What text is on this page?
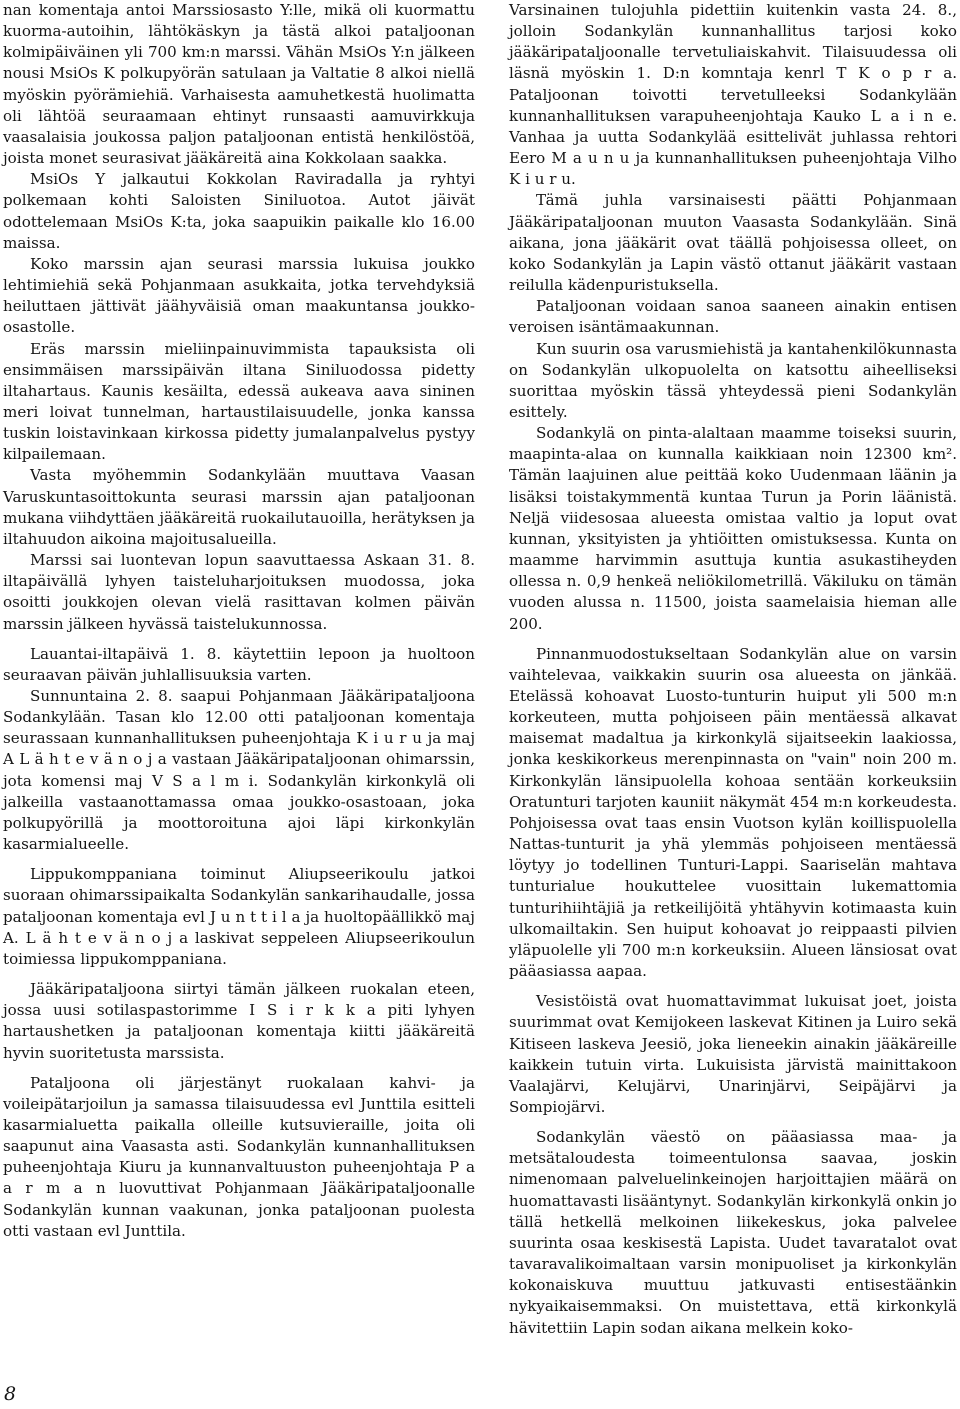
nan komentaja antoi Marssiosasto Y:lle, mikä oli kuormattu kuorma-autoihin, lähtökäskyn ja tästä alkoi pataljoonan kolmipäiväinen yli 700 km:n marssi. Vähän MsiOs Y:n jälkeen nousi MsiOs K polkupyörän satulaan ja Valtatie 8 alkoi niellä myöskin pyörämiehiä. Varhaisesta aamuhetkestä huolimatta oli lähtöä seuraamaan ehtinyt runsaasti aamuvirkkuja vaasalaisia joukossa paljon pataljoonan entistä henkilöstöä, joista monet seurasivat jääkäreitä aina Kokkolaan saakka.

MsiOs Y jalkautui Kokkolan Raviradalla ja ryhtyi polkemaan kohti Saloisten Siniluotoa. Autot jäivät odottelemaan MsiOs K:ta, joka saapuikin paikalle klo 16.00 maissa.

Koko marssin ajan seurasi marssia lukuisa joukko lehtimiehiä sekä Pohjanmaan asukkaita, jotka tervehdyksiä heiluttaen jättivät jäähyväisiä oman maakuntansa joukko-osastolle.

Eräs marssin mieliinpainuvimmista tapauksista oli ensimmäisen marssipäivän iltana Siniluodossa pidetty iltahartaus. Kaunis kesäilta, edessä aukeava aava sininen meri loivat tunnelman, hartaustilaisuudelle, jonka kanssa tuskin loistavinkaan kirkossa pidetty jumalanpalvelus pystyy kilpailemaan.

Vasta myöhemmin Sodankylään muuttava Vaasan Varuskuntasoittokunta seurasi marssin ajan pataljoonan mukana viihdyttäen jääkäreitä ruokailutauoilla, herätyksen ja iltahuudon aikoina majoitusalueilla.

Marssi sai luontevan lopun saavuttaessa Askaan 31. 8. iltapäivällä lyhyen taisteluharjoituksen muodossa, joka osoitti joukkojen olevan vielä rasittavan kolmen päivän marssin jälkeen hyvässä taistelukunnossa.

Lauantai-iltapäivä 1. 8. käytettiin lepoon ja huoltoon seuraavan päivän juhlallisuuksia varten.

Sunnuntaina 2. 8. saapui Pohjanmaan Jääkäripataljoona Sodankylään. Tasan klo 12.00 otti pataljoonan komentaja seurassaan kunnanhallituksen puheenjohtaja K i u r u ja maj A L ä h t e v ä n o j a vastaan Jääkäripataljoonan ohimarssin, jota komensi maj V S a l m i. Sodankylän kirkonkylä oli jalkeilla vastaanottamassa omaa joukko-osastoaan, joka polkupyörillä ja moottoroituna ajoi läpi kirkonkylän kasarmialueelle.

Lippukomppaniana toiminut Aliupseerikoulu jatkoi suoraan ohimarssipaikalta Sodankylän sankarihaudalle, jossa pataljoonan komentaja evl J u n t t i l a ja huoltopäällikkö maj A. L ä h t e v ä n o j a laskivat seppeleen Aliupseerikoulun toimiessa lippukomppaniana.

Jääkäripataljoona siirtyi tämän jälkeen ruokalan eteen, jossa uusi sotilaspastorimme I S i r k k a piti lyhyen hartaushetken ja pataljoonan komentaja kiitti jääkäreitä hyvin suoritetusta marssista.

Pataljoona oli järjestänyt ruokalaan kahvi- ja voileipätarjoilun ja samassa tilaisuudessa evl Junttila esitteli kasarmialuetta paikalla olleille kutsuvieraille, joita oli saapunut aina Vaasasta asti. Sodankylän kunnanhallituksen puheenjohtaja Kiuru ja kunnanvaltuuston puheenjohtaja P a a r m a n luovuttivat Pohjanmaan Jääkäripataljoonalle Sodankylän kunnan vaakunan, jonka pataljoonan puolesta otti vastaan evl Junttila.

Varsinainen tulojuhla pidettiin kuitenkin vasta 24. 8., jolloin Sodankylän kunnanhallitus tarjosi koko jääkäripataljoonalle tervetuliaiskahvit. Tilaisuudessa oli läsnä myöskin 1. D:n komntaja kenrl T K o p r a. Pataljoonan toivotti tervetulleeksi Sodankylään kunnanhallituksen varapuheenjohtaja Kauko L a i n e. Vanhaa ja uutta Sodankylää esittelivät juhlassa rehtori Eero M a u n u ja kunnanhallituksen puheenjohtaja Vilho K i u r u.

Tämä juhla varsinaisesti päätti Pohjanmaan Jääkäripataljoonan muuton Vaasasta Sodankylään. Sinä aikana, jona jääkärit ovat täällä pohjoisessa olleet, on koko Sodankylän ja Lapin västö ottanut jääkärit vastaan reilulla kädenpuristuksella.

Pataljoonan voidaan sanoa saaneen ainakin entisen veroisen isäntämaakunnan.

Kun suurin osa varusmiehistä ja kantahenkilökunnasta on Sodankylän ulkopuolelta on katsottu aiheelliseksi suorittaa myöskin tässä yhteydessä pieni Sodankylän esittely.

Sodankylä on pinta-alaltaan maamme toiseksi suurin, maapinta-alaa on kunnalla kaikkiaan noin 12300 km². Tämän laajuinen alue peittää koko Uudenmaan läänin ja lisäksi toistakymmentä kuntaa Turun ja Porin läänistä. Neljä viidesosaa alueesta omistaa valtio ja loput ovat kunnan, yksityisten ja yhtiöitten omistuksessa. Kunta on maamme harvimmin asuttuja kuntia asukastiheyden ollessa n. 0,9 henkeä neliökilometrillä. Väkiluku on tämän vuoden alussa n. 11500, joista saamelaisia hieman alle 200.

Pinnanmuodostukseltaan Sodankylän alue on varsin vaihtelevaa, vaikkakin suurin osa alueesta on jänkää. Etelässä kohoavat Luosto-tunturin huiput yli 500 m:n korkeuteen, mutta pohjoiseen päin mentäessä alkavat maisemat madaltua ja kirkonkylä sijaitseekin laakiossa, jonka keskikorkeus merenpinnasta on "vain" noin 200 m. Kirkonkylän länsipuolella kohoaa sentään korkeuksiin Oratunturi tarjoten kauniit näkymät 454 m:n korkeudesta. Pohjoisessa ovat taas ensin Vuotson kylän koillispuolella Nattas-tunturit ja yhä ylemmäs pohjoiseen mentäessä löytyy jo todellinen Tunturi-Lappi. Saariselän mahtava tunturialue houkuttelee vuosittain lukemattomia tunturihiihtäjiä ja retkeilijöitä yhtähyvin kotimaasta kuin ulkomailtakin. Sen huiput kohoavat jo reippaasti pilvien yläpuolelle yli 700 m:n korkeuksiin. Alueen länsiosat ovat pääasiassa aapaa.

Vesistöistä ovat huomattavimmat lukuisat joet, joista suurimmat ovat Kemijokeen laskevat Kitinen ja Luiro sekä Kitiseen laskeva Jeesiö, joka lieneekin ainakin jääkäreille kaikkein tutuin virta. Lukuisista järvistä mainittakoon Vaalajärvi, Kelujärvi, Unarinjärvi, Seipäjärvi ja Sompiojärvi.

Sodankylän väestö on pääasiassa maa- ja metsätaloudesta toimeentulonsa saavaa, joskin nimenomaan palveluelinkeinojen harjoittajien määrä on huomattavasti lisääntynyt. Sodankylän kirkonkylä onkin jo tällä hetkellä melkoinen liikekeskus, joka palvelee suurinta osaa keskisestä Lapista. Uudet tavaratalot ovat tavaravalikoimaltaan varsin monipuoliset ja kirkonkylän kokonaiskuva muuttuu jatkuvasti entisestäänkin nykyaikaisemmaksi. On muistettava, että kirkonkylä hävitettiin Lapin sodan aikana melkein koko-

8
